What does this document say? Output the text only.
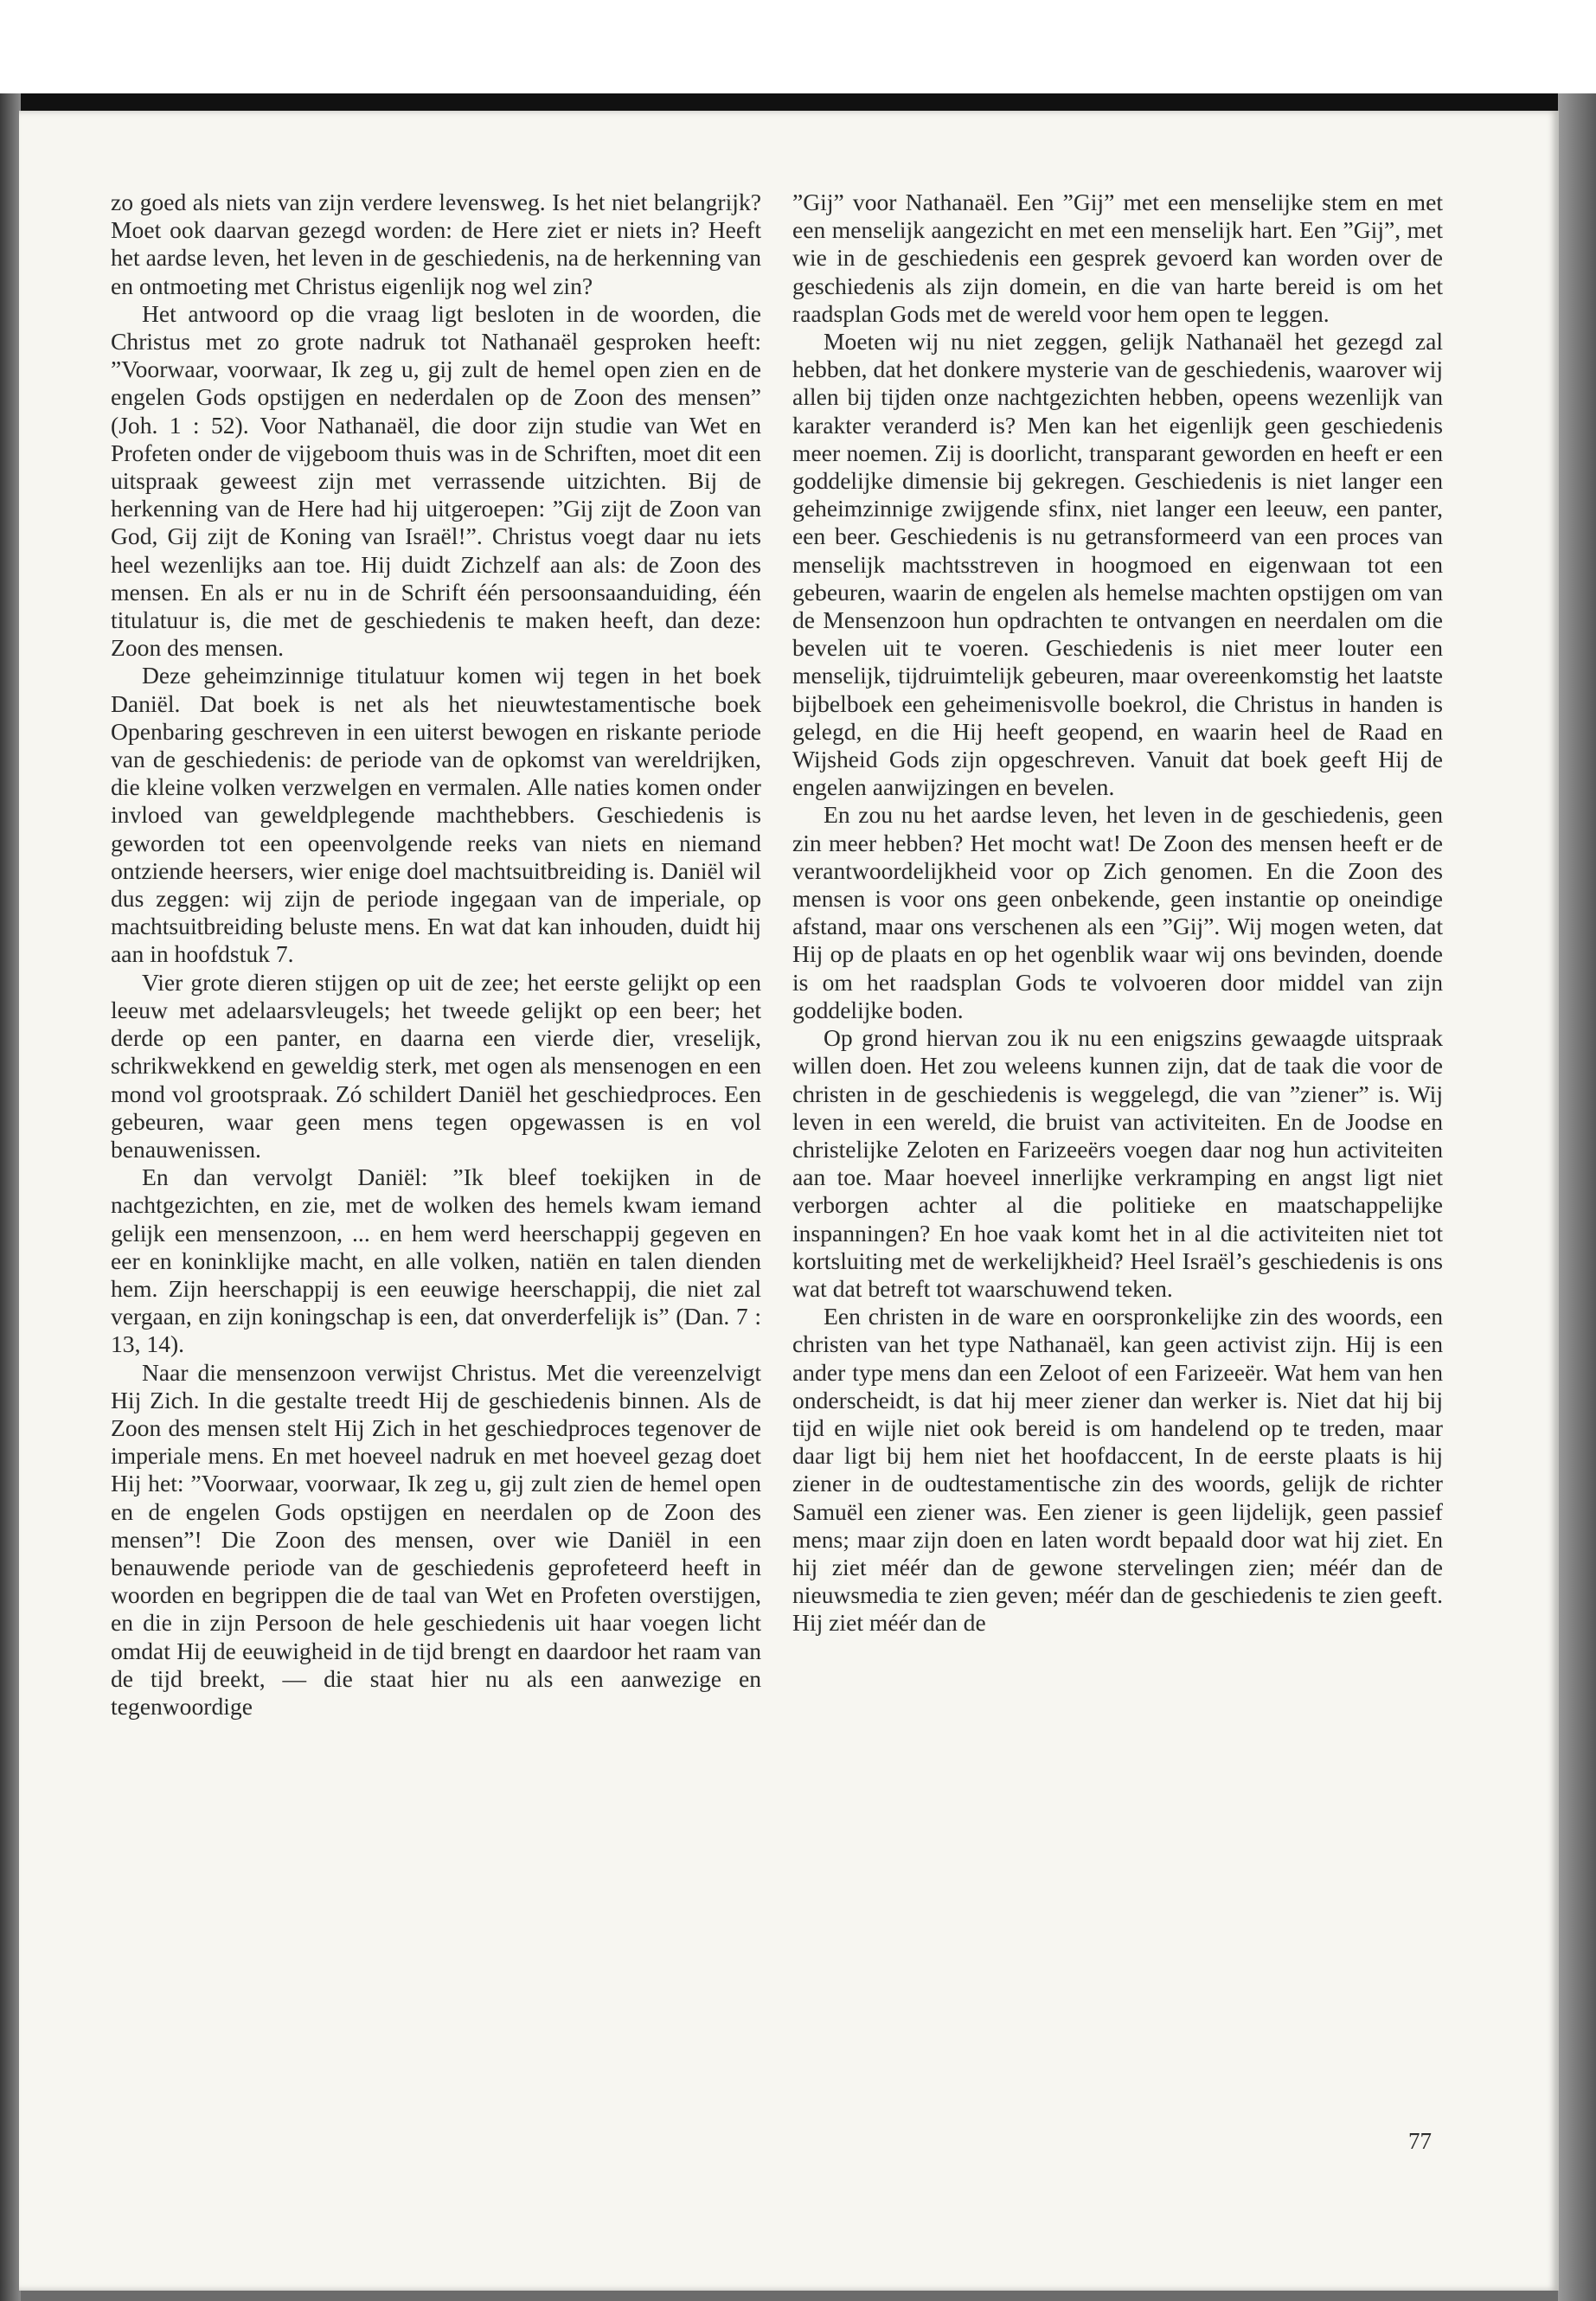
zo goed als niets van zijn verdere levensweg. Is het niet belangrijk? Moet ook daarvan gezegd worden: de Here ziet er niets in? Heeft het aardse leven, het leven in de geschiedenis, na de herkenning van en ontmoeting met Christus eigenlijk nog wel zin?

Het antwoord op die vraag ligt besloten in de woorden, die Christus met zo grote nadruk tot Nathanaël gesproken heeft: ”Voorwaar, voorwaar, Ik zeg u, gij zult de hemel open zien en de engelen Gods opstijgen en nederdalen op de Zoon des mensen” (Joh. 1 : 52). Voor Nathanaël, die door zijn studie van Wet en Profeten onder de vijgeboom thuis was in de Schriften, moet dit een uitspraak geweest zijn met verrassende uitzichten. Bij de herkenning van de Here had hij uitgeroepen: ”Gij zijt de Zoon van God, Gij zijt de Koning van Israël!”. Christus voegt daar nu iets heel wezenlijks aan toe. Hij duidt Zichzelf aan als: de Zoon des mensen. En als er nu in de Schrift één persoonsaanduiding, één titulatuur is, die met de geschiedenis te maken heeft, dan deze: Zoon des mensen.

Deze geheimzinnige titulatuur komen wij tegen in het boek Daniël. Dat boek is net als het nieuwtestamentische boek Openbaring geschreven in een uiterst bewogen en riskante periode van de geschiedenis: de periode van de opkomst van wereldrijken, die kleine volken verzwelgen en vermalen. Alle naties komen onder invloed van geweldplegende machthebbers. Geschiedenis is geworden tot een opeenvolgende reeks van niets en niemand ontziende heersers, wier enige doel machtsuitbreiding is. Daniël wil dus zeggen: wij zijn de periode ingegaan van de imperiale, op machtsuitbreiding beluste mens. En wat dat kan inhouden, duidt hij aan in hoofdstuk 7.

Vier grote dieren stijgen op uit de zee; het eerste gelijkt op een leeuw met adelaarsvleugels; het tweede gelijkt op een beer; het derde op een panter, en daarna een vierde dier, vreselijk, schrikwekkend en geweldig sterk, met ogen als mensenogen en een mond vol grootspraak. Zó schildert Daniël het geschiedproces. Een gebeuren, waar geen mens tegen opgewassen is en vol benauwenissen.

En dan vervolgt Daniël: ”Ik bleef toekijken in de nachtgezichten, en zie, met de wolken des hemels kwam iemand gelijk een mensenzoon, ... en hem werd heerschappij gegeven en eer en koninklijke macht, en alle volken, natiën en talen dienden hem. Zijn heerschappij is een eeuwige heerschappij, die niet zal vergaan, en zijn koningschap is een, dat onverderfelijk is” (Dan. 7 : 13, 14).

Naar die mensenzoon verwijst Christus. Met die vereenzelvigt Hij Zich. In die gestalte treedt Hij de geschiedenis binnen. Als de Zoon des mensen stelt Hij Zich in het geschiedproces tegenover de imperiale mens. En met hoeveel nadruk en met hoeveel gezag doet Hij het: ”Voorwaar, voorwaar, Ik zeg u, gij zult zien de hemel open en de engelen Gods opstijgen en neerdalen op de Zoon des mensen”! Die Zoon des mensen, over wie Daniël in een benauwende periode van de geschiedenis geprofeteerd heeft in woorden en begrippen die de taal van Wet en Profeten overstijgen, en die in zijn Persoon de hele geschiedenis uit haar voegen licht omdat Hij de eeuwigheid in de tijd brengt en daardoor het raam van de tijd breekt, — die staat hier nu als een aanwezige en tegenwoordige

”Gij” voor Nathanaël. Een ”Gij” met een menselijke stem en met een menselijk aangezicht en met een menselijk hart. Een ”Gij”, met wie in de geschiedenis een gesprek gevoerd kan worden over de geschiedenis als zijn domein, en die van harte bereid is om het raadsplan Gods met de wereld voor hem open te leggen.

Moeten wij nu niet zeggen, gelijk Nathanaël het gezegd zal hebben, dat het donkere mysterie van de geschiedenis, waarover wij allen bij tijden onze nachtgezichten hebben, opeens wezenlijk van karakter veranderd is? Men kan het eigenlijk geen geschiedenis meer noemen. Zij is doorlicht, transparant geworden en heeft er een goddelijke dimensie bij gekregen. Geschiedenis is niet langer een geheimzinnige zwijgende sfinx, niet langer een leeuw, een panter, een beer. Geschiedenis is nu getransformeerd van een proces van menselijk machtsstreven in hoogmoed en eigenwaan tot een gebeuren, waarin de engelen als hemelse machten opstijgen om van de Mensenzoon hun opdrachten te ontvangen en neerdalen om die bevelen uit te voeren. Geschiedenis is niet meer louter een menselijk, tijdruimtelijk gebeuren, maar overeenkomstig het laatste bijbelboek een geheimenisvolle boekrol, die Christus in handen is gelegd, en die Hij heeft geopend, en waarin heel de Raad en Wijsheid Gods zijn opgeschreven. Vanuit dat boek geeft Hij de engelen aanwijzingen en bevelen.

En zou nu het aardse leven, het leven in de geschiedenis, geen zin meer hebben? Het mocht wat! De Zoon des mensen heeft er de verantwoordelijkheid voor op Zich genomen. En die Zoon des mensen is voor ons geen onbekende, geen instantie op oneindige afstand, maar ons verschenen als een ”Gij”. Wij mogen weten, dat Hij op de plaats en op het ogenblik waar wij ons bevinden, doende is om het raadsplan Gods te volvoeren door middel van zijn goddelijke boden.

Op grond hiervan zou ik nu een enigszins gewaagde uitspraak willen doen. Het zou weleens kunnen zijn, dat de taak die voor de christen in de geschiedenis is weggelegd, die van ”ziener” is. Wij leven in een wereld, die bruist van activiteiten. En de Joodse en christelijke Zeloten en Farizeeërs voegen daar nog hun activiteiten aan toe. Maar hoeveel innerlijke verkramping en angst ligt niet verborgen achter al die politieke en maatschappelijke inspanningen? En hoe vaak komt het in al die activiteiten niet tot kortsluiting met de werkelijkheid? Heel Israël’s geschiedenis is ons wat dat betreft tot waarschuwend teken.

Een christen in de ware en oorspronkelijke zin des woords, een christen van het type Nathanaël, kan geen activist zijn. Hij is een ander type mens dan een Zeloot of een Farizeeër. Wat hem van hen onderscheidt, is dat hij meer ziener dan werker is. Niet dat hij bij tijd en wijle niet ook bereid is om handelend op te treden, maar daar ligt bij hem niet het hoofdaccent, In de eerste plaats is hij ziener in de oudtestamentische zin des woords, gelijk de richter Samuël een ziener was. Een ziener is geen lijdelijk, geen passief mens; maar zijn doen en laten wordt bepaald door wat hij ziet. En hij ziet méér dan de gewone stervelingen zien; méér dan de nieuwsmedia te zien geven; méér dan de geschiedenis te zien geeft. Hij ziet méér dan de

77
